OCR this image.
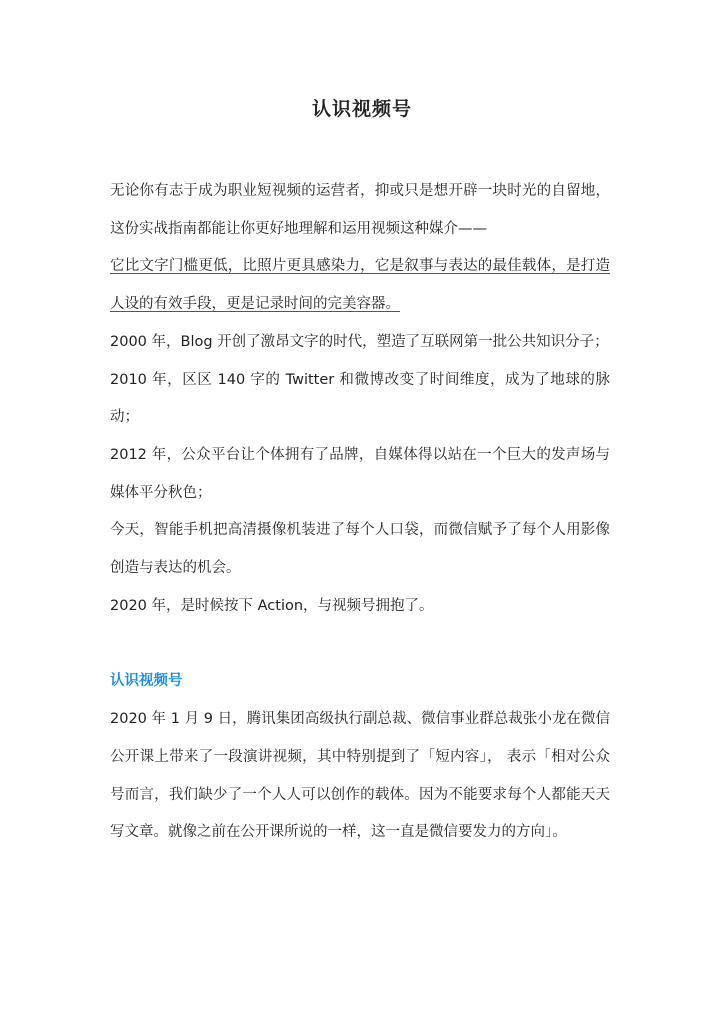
认识视频号

无论你有志于成为职业短视频的运营者，抑或只是想开辟一块时光的自留地，这份实战指南都能让你更好地理解和运用视频这种媒介——

它比文字门槛更低，比照片更具感染力，它是叙事与表达的最佳载体，是打造人设的有效手段，更是记录时间的完美容器。

2000 年，Blog 开创了激昂文字的时代，塑造了互联网第一批公共知识分子；

2010 年，区区 140 字的 Twitter 和微博改变了时间维度，成为了地球的脉动；

2012 年，公众平台让个体拥有了品牌，自媒体得以站在一个巨大的发声场与媒体平分秋色；

今天，智能手机把高清摄像机装进了每个人口袋，而微信赋予了每个人用影像创造与表达的机会。

2020 年，是时候按下 Action，与视频号拥抱了。

认识视频号

2020 年 1 月 9 日，腾讯集团高级执行副总裁、微信事业群总裁张小龙在微信公开课上带来了一段演讲视频，其中特别提到了「短内容」， 表示「相对公众号而言，我们缺少了一个人人可以创作的载体。因为不能要求每个人都能天天写文章。就像之前在公开课所说的一样，这一直是微信要发力的方向」。
